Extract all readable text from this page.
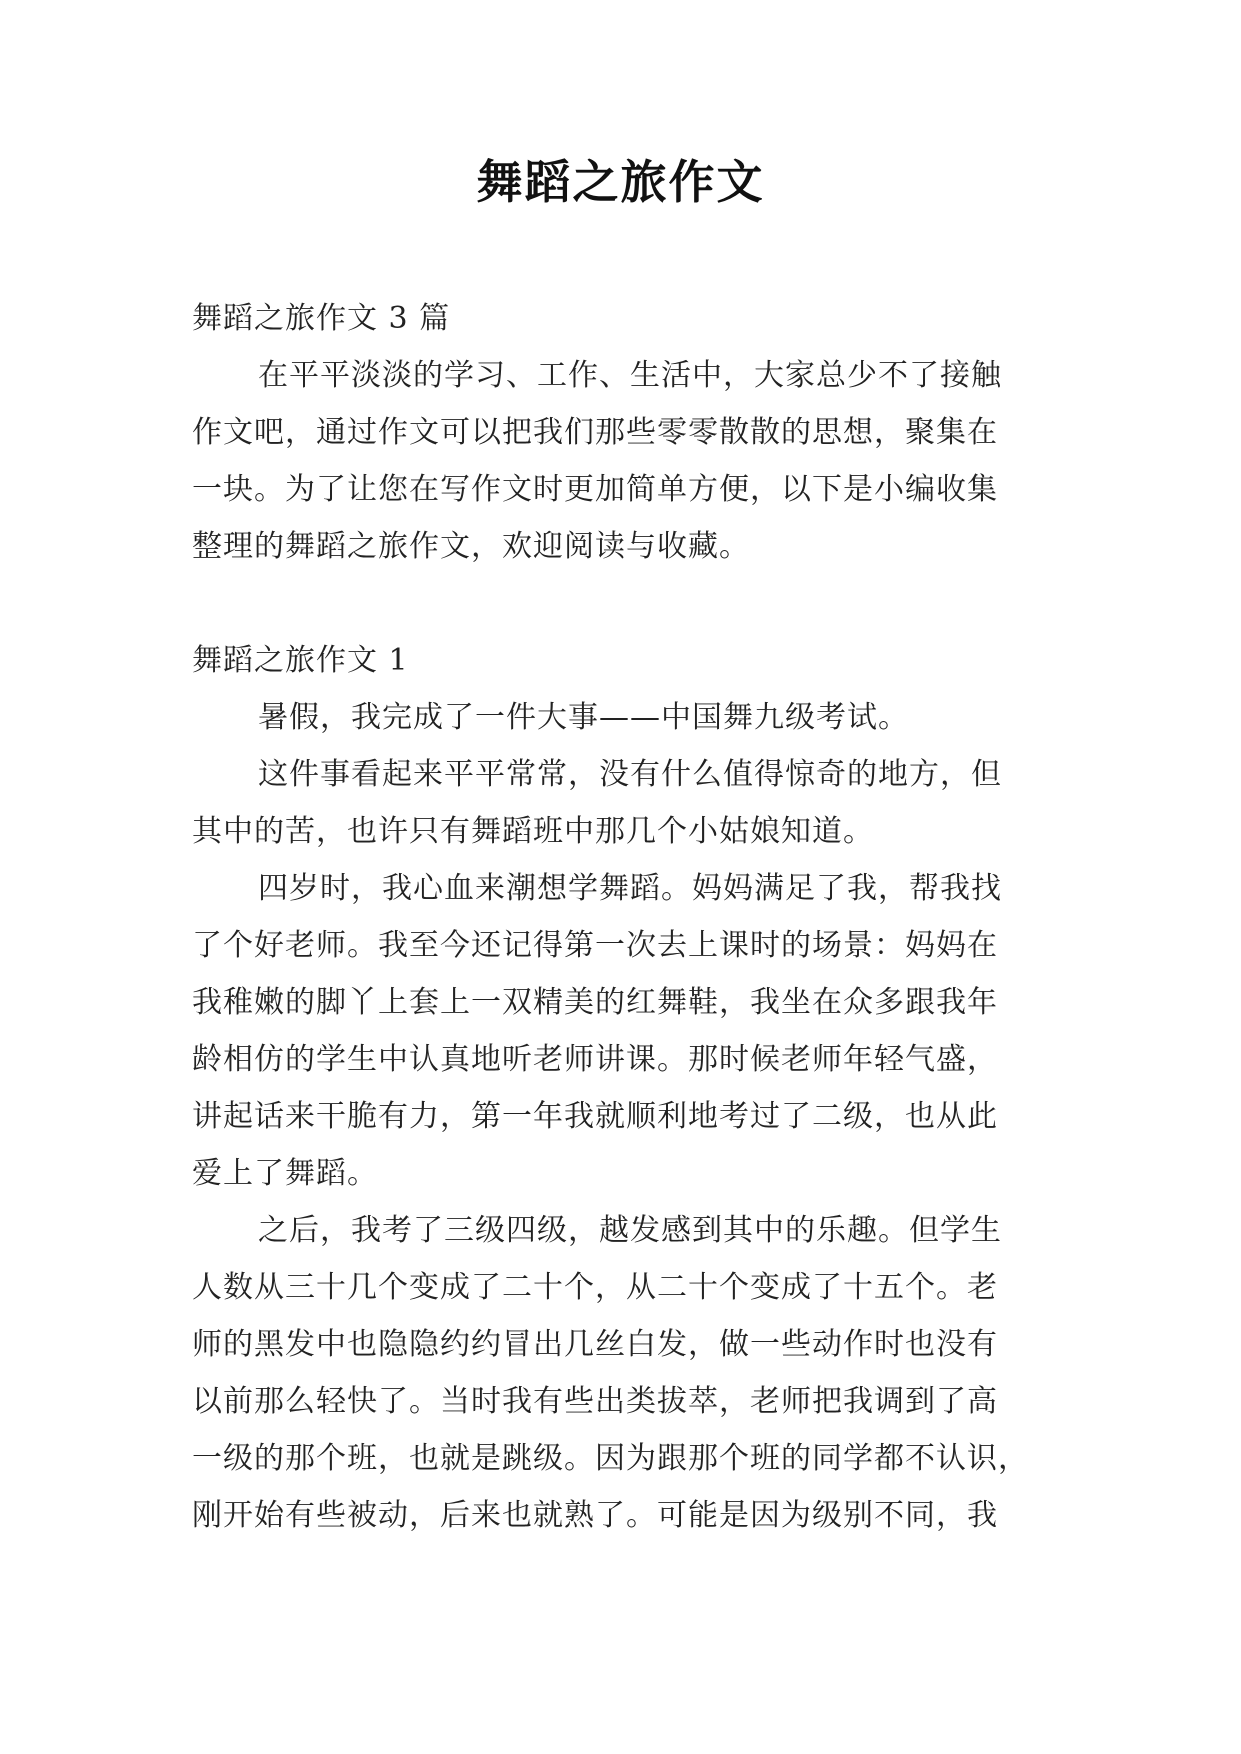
舞蹈之旅作文

舞蹈之旅作文 3 篇

在平平淡淡的学习、工作、生活中，大家总少不了接触

作文吧，通过作文可以把我们那些零零散散的思想，聚集在

一块。为了让您在写作文时更加简单方便，以下是小编收集

整理的舞蹈之旅作文，欢迎阅读与收藏。

舞蹈之旅作文 1

暑假，我完成了一件大事——中国舞九级考试。

这件事看起来平平常常，没有什么值得惊奇的地方，但

其中的苦，也许只有舞蹈班中那几个小姑娘知道。

四岁时，我心血来潮想学舞蹈。妈妈满足了我，帮我找

了个好老师。我至今还记得第一次去上课时的场景：妈妈在

我稚嫩的脚丫上套上一双精美的红舞鞋，我坐在众多跟我年

龄相仿的学生中认真地听老师讲课。那时候老师年轻气盛，

讲起话来干脆有力，第一年我就顺利地考过了二级，也从此

爱上了舞蹈。

之后，我考了三级四级，越发感到其中的乐趣。但学生

人数从三十几个变成了二十个，从二十个变成了十五个。老

师的黑发中也隐隐约约冒出几丝白发，做一些动作时也没有

以前那么轻快了。当时我有些出类拔萃，老师把我调到了高

一级的那个班，也就是跳级。因为跟那个班的同学都不认识，

刚开始有些被动，后来也就熟了。可能是因为级别不同，我
